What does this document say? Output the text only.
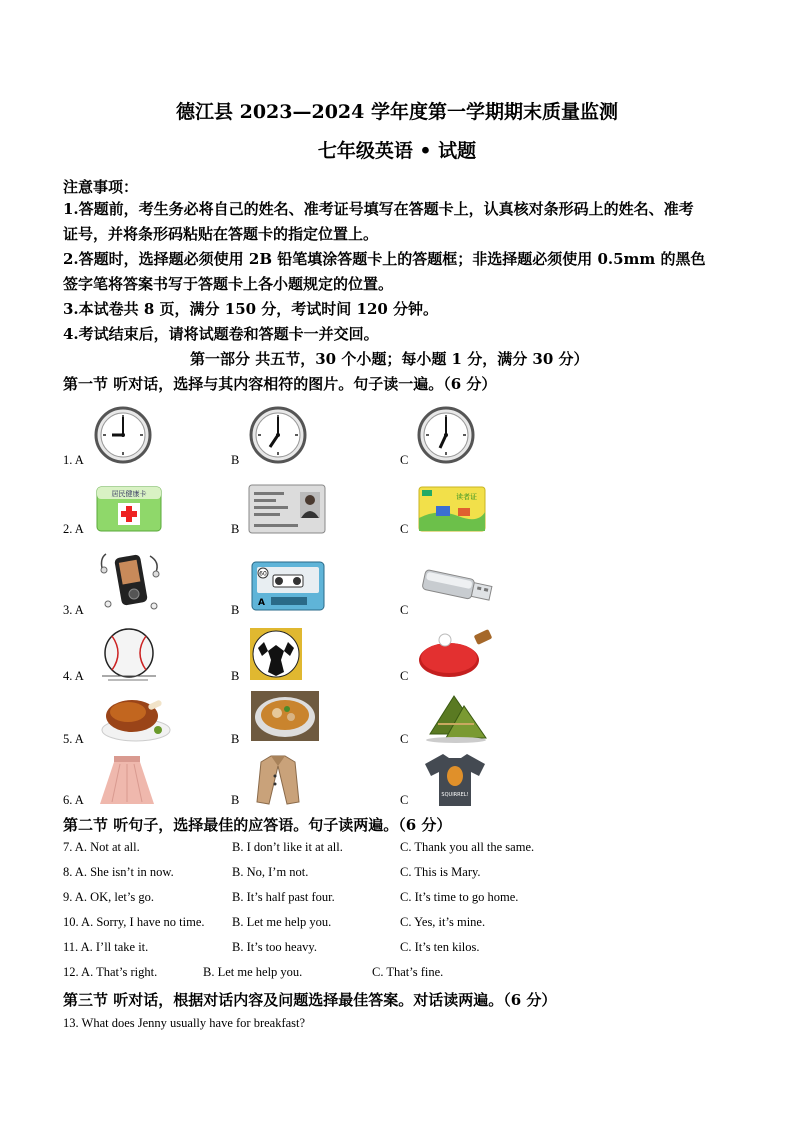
德江县 2023—2024 学年度第一学期期末质量监测
七年级英语 • 试题
注意事项：
1.答题前，考生务必将自己的姓名、准考证号填写在答题卡上，认真核对条形码上的姓名、准考
证号，并将条形码粘贴在答题卡的指定位置上。
2.答题时，选择题必须使用 2B 铅笔填涂答题卡上的答题框；非选择题必须使用 0.5mm 的黑色
签字笔将答案书写于答题卡上各小题规定的位置。
3.本试卷共 8 页，满分 150 分，考试时间 120 分钟。
4.考试结束后，请将试题卷和答题卡一并交回。
第一部分 共五节，30 个小题；每小题 1 分，满分 30 分）
第一节 听对话，选择与其内容相符的图片。句子读一遍。（6 分）
1. A	B	C
2. A	B	C
3. A	B	C
4. A	B	C
5. A	B	C
6. A	B	C
居民健康卡	读者证
60
A
SQUIRREL!
第二节 听句子，选择最佳的应答语。句子读两遍。（6 分）
7. A. Not at all.	B. I don’t like it at all.	C. Thank you all the same.
8. A. She isn’t in now.	B. No, I’m not.	C. This is Mary.
9. A. OK, let’s go.	B. It’s half past four.	C. It’s time to go home.
10. A. Sorry, I have no time. B. Let me help you.	C. Yes, it’s mine.
11. A. I’ll take it.	B. It’s too heavy.	C. It’s ten kilos.
12. A. That’s right.	B. Let me help you.	C. That’s fine.
第三节 听对话，根据对话内容及问题选择最佳答案。对话读两遍。（6 分）
13. What does Jenny usually have for breakfast?
